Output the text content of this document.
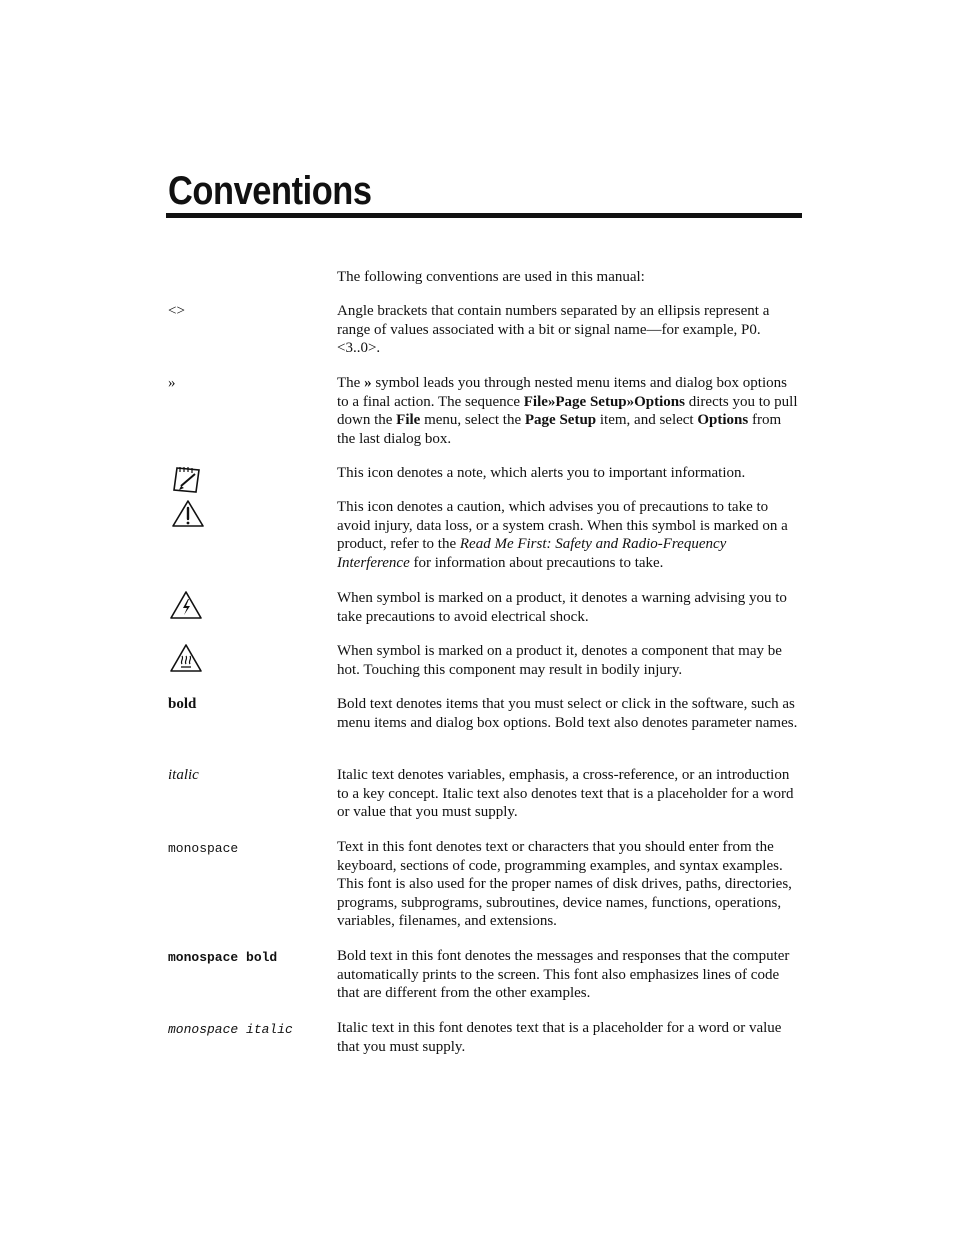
Conventions

The following conventions are used in this manual:

<>	Angle brackets that contain numbers separated by an ellipsis represent a range of values associated with a bit or signal name—for example, P0.<3..0>.

»	The » symbol leads you through nested menu items and dialog box options to a final action. The sequence File»Page Setup»Options directs you to pull down the File menu, select the Page Setup item, and select Options from the last dialog box.

This icon denotes a note, which alerts you to important information.

This icon denotes a caution, which advises you of precautions to take to avoid injury, data loss, or a system crash. When this symbol is marked on a product, refer to the Read Me First: Safety and Radio-Frequency Interference for information about precautions to take.

When symbol is marked on a product, it denotes a warning advising you to take precautions to avoid electrical shock.

When symbol is marked on a product it, denotes a component that may be hot. Touching this component may result in bodily injury.

bold	Bold text denotes items that you must select or click in the software, such as menu items and dialog box options. Bold text also denotes parameter names.

italic	Italic text denotes variables, emphasis, a cross-reference, or an introduction to a key concept. Italic text also denotes text that is a placeholder for a word or value that you must supply.

monospace	Text in this font denotes text or characters that you should enter from the keyboard, sections of code, programming examples, and syntax examples. This font is also used for the proper names of disk drives, paths, directories, programs, subprograms, subroutines, device names, functions, operations, variables, filenames, and extensions.

monospace bold	Bold text in this font denotes the messages and responses that the computer automatically prints to the screen. This font also emphasizes lines of code that are different from the other examples.

monospace italic	Italic text in this font denotes text that is a placeholder for a word or value that you must supply.
